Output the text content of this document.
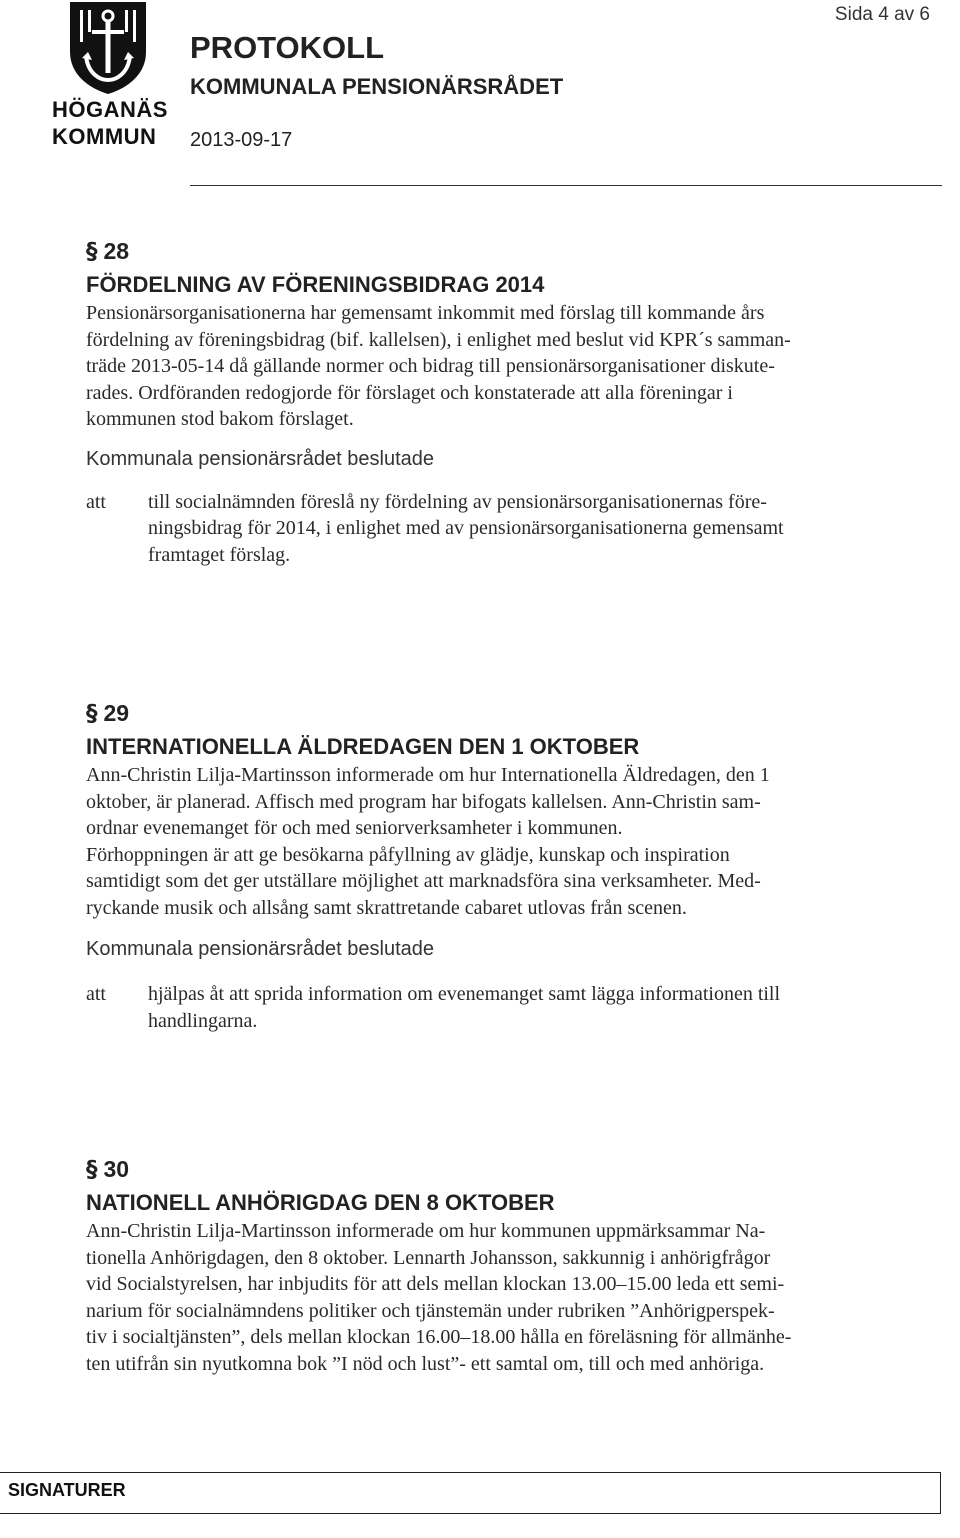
HÖGANÄS
KOMMUN
PROTOKOLL
KOMMUNALA PENSIONÄRSRÅDET
2013-09-17
Sida 4 av 6
§ 28
FÖRDELNING AV FÖRENINGSBIDRAG 2014
Pensionärsorganisationerna har gemensamt inkommit med förslag till kommande års
fördelning av föreningsbidrag (bif. kallelsen), i enlighet med beslut vid KPR´s samman-
träde 2013-05-14 då gällande normer och bidrag till pensionärsorganisationer diskute-
rades. Ordföranden redogjorde för förslaget och konstaterade att alla föreningar i
kommunen stod bakom förslaget.
Kommunala pensionärsrådet beslutade
att till socialnämnden föreslå ny fördelning av pensionärsorganisationernas före-
ningsbidrag för 2014, i enlighet med av pensionärsorganisationerna gemensamt
framtaget förslag.
§ 29
INTERNATIONELLA ÄLDREDAGEN DEN 1 OKTOBER
Ann-Christin Lilja-Martinsson informerade om hur Internationella Äldredagen, den 1
oktober, är planerad. Affisch med program har bifogats kallelsen. Ann-Christin sam-
ordnar evenemanget för och med seniorverksamheter i kommunen.
Förhoppningen är att ge besökarna påfyllning av glädje, kunskap och inspiration
samtidigt som det ger utställare möjlighet att marknadsföra sina verksamheter. Med-
ryckande musik och allsång samt skrattretande cabaret utlovas från scenen.
Kommunala pensionärsrådet beslutade
att hjälpas åt att sprida information om evenemanget samt lägga informationen till
handlingarna.
§ 30
NATIONELL ANHÖRIGDAG DEN 8 OKTOBER
Ann-Christin Lilja-Martinsson informerade om hur kommunen uppmärksammar Na-
tionella Anhörigdagen, den 8 oktober. Lennarth Johansson, sakkunnig i anhörigfrågor
vid Socialstyrelsen, har inbjudits för att dels mellan klockan 13.00–15.00 leda ett semi-
narium för socialnämndens politiker och tjänstemän under rubriken ”Anhörigperspek-
tiv i socialtjänsten”, dels mellan klockan 16.00–18.00 hålla en föreläsning för allmänhe-
ten utifrån sin nyutkomna bok ”I nöd och lust”- ett samtal om, till och med anhöriga.
SIGNATURER
